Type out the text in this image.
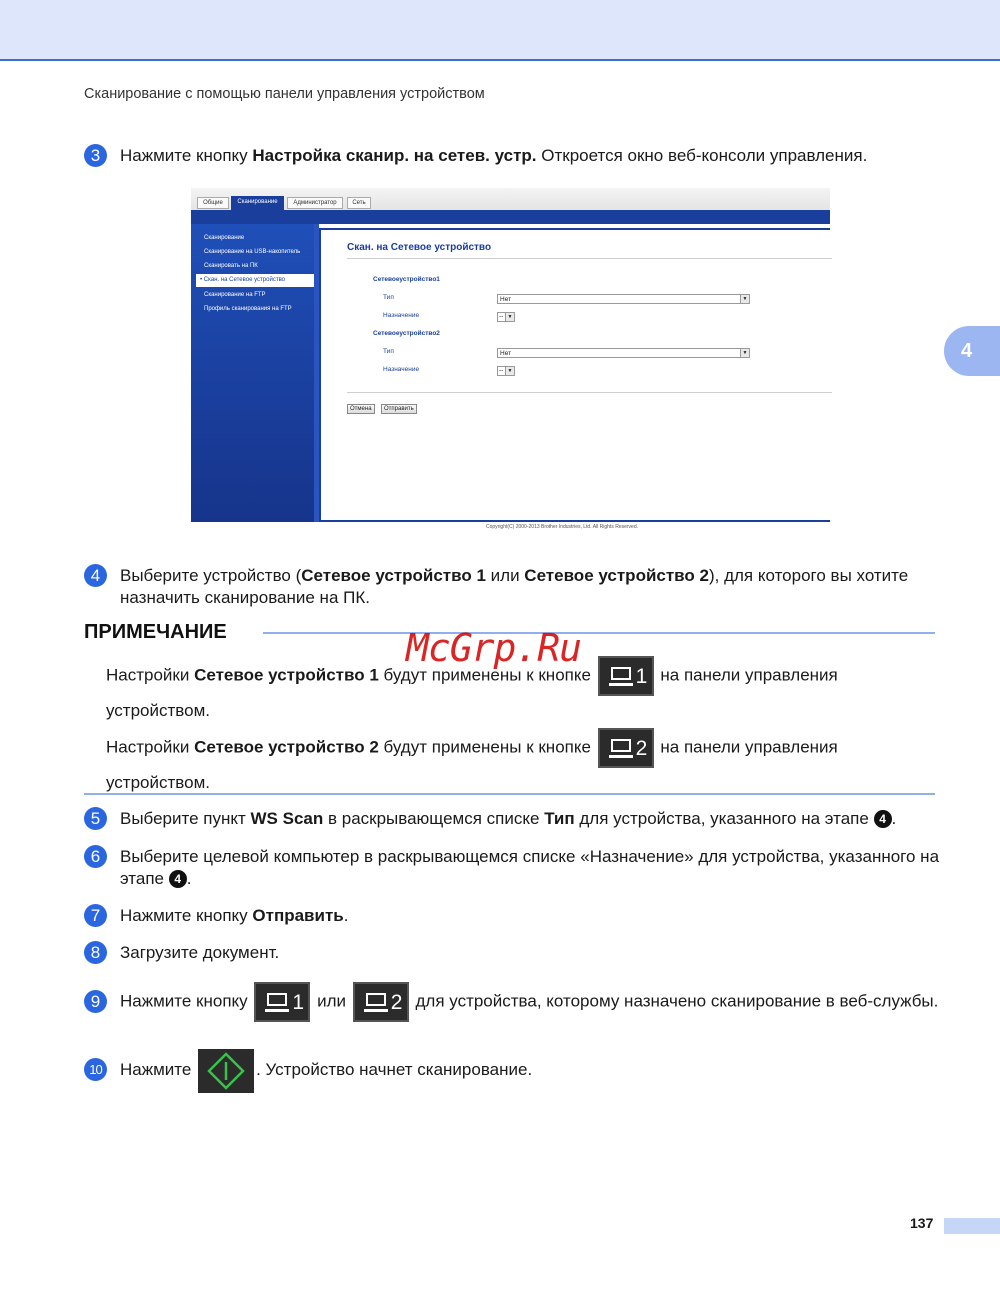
Сканирование с помощью панели управления устройством
4
3	Нажмите кнопку Настройка сканир. на сетев. устр. Откроется окно веб-консоли управления.
Общие	Сканирование	Администратор	Сеть
Сканирование
Сканирование на USB-накопитель
Сканировать на ПК
• Скан. на Сетевое устройство
Сканирование на FTP
Профиль сканирования на FTP
Скан. на Сетевое устройство
Сетевоеустройство1
Тип	Нет	▼
Назначение	-- ▼
Сетевоеустройство2
Тип	Нет	▼
Назначение	-- ▼
Отмена	Отправить
Copyright(C) 2000-2013 Brother Industries, Ltd. All Rights Reserved.
4	Выберите устройство (Сетевое устройство 1 или Сетевое устройство 2), для которого вы хотите назначить сканирование на ПК.
ПРИМЕЧАНИЕ	McGrp.Ru
Настройки Сетевое устройство 1 будут применены к кнопке 1 на панели управления устройством.
Настройки Сетевое устройство 2 будут применены к кнопке 2 на панели управления устройством.
5	Выберите пункт WS Scan в раскрывающемся списке Тип для устройства, указанного на этапе 4 .
6	Выберите целевой компьютер в раскрывающемся списке «Назначение» для устройства, указанного на этапе 4 .
7	Нажмите кнопку Отправить.
8	Загрузите документ.
9	Нажмите кнопку 1 или 2 для устройства, которому назначено сканирование в веб-службы.
10	Нажмите	. Устройство начнет сканирование.
137
